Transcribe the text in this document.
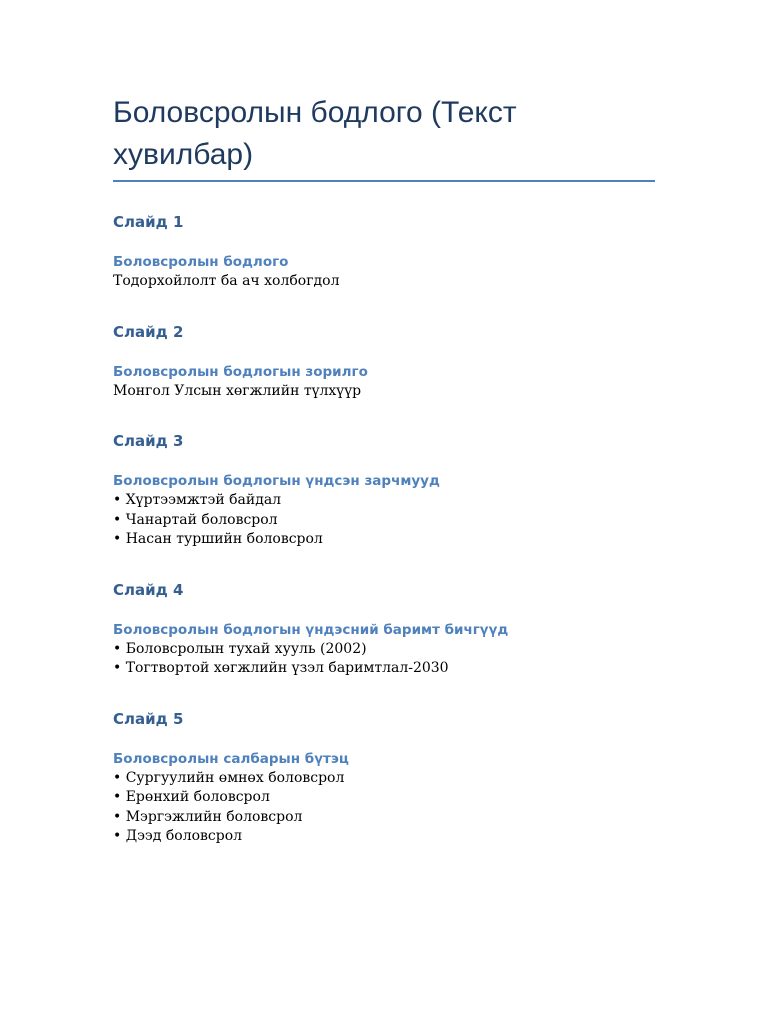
Боловсролын бодлого (Текст хувилбар)
Слайд 1
Боловсролын бодлого
Тодорхойлолт ба ач холбогдол
Слайд 2
Боловсролын бодлогын зорилго
Монгол Улсын хөгжлийн түлхүүр
Слайд 3
Боловсролын бодлогын үндсэн зарчмууд
• Хүртээмжтэй байдал
• Чанартай боловсрол
• Насан туршийн боловсрол
Слайд 4
Боловсролын бодлогын үндэсний баримт бичгүүд
• Боловсролын тухай хууль (2002)
• Тогтвортой хөгжлийн үзэл баримтлал-2030
Слайд 5
Боловсролын салбарын бүтэц
• Сургуулийн өмнөх боловсрол
• Ерөнхий боловсрол
• Мэргэжлийн боловсрол
• Дээд боловсрол
